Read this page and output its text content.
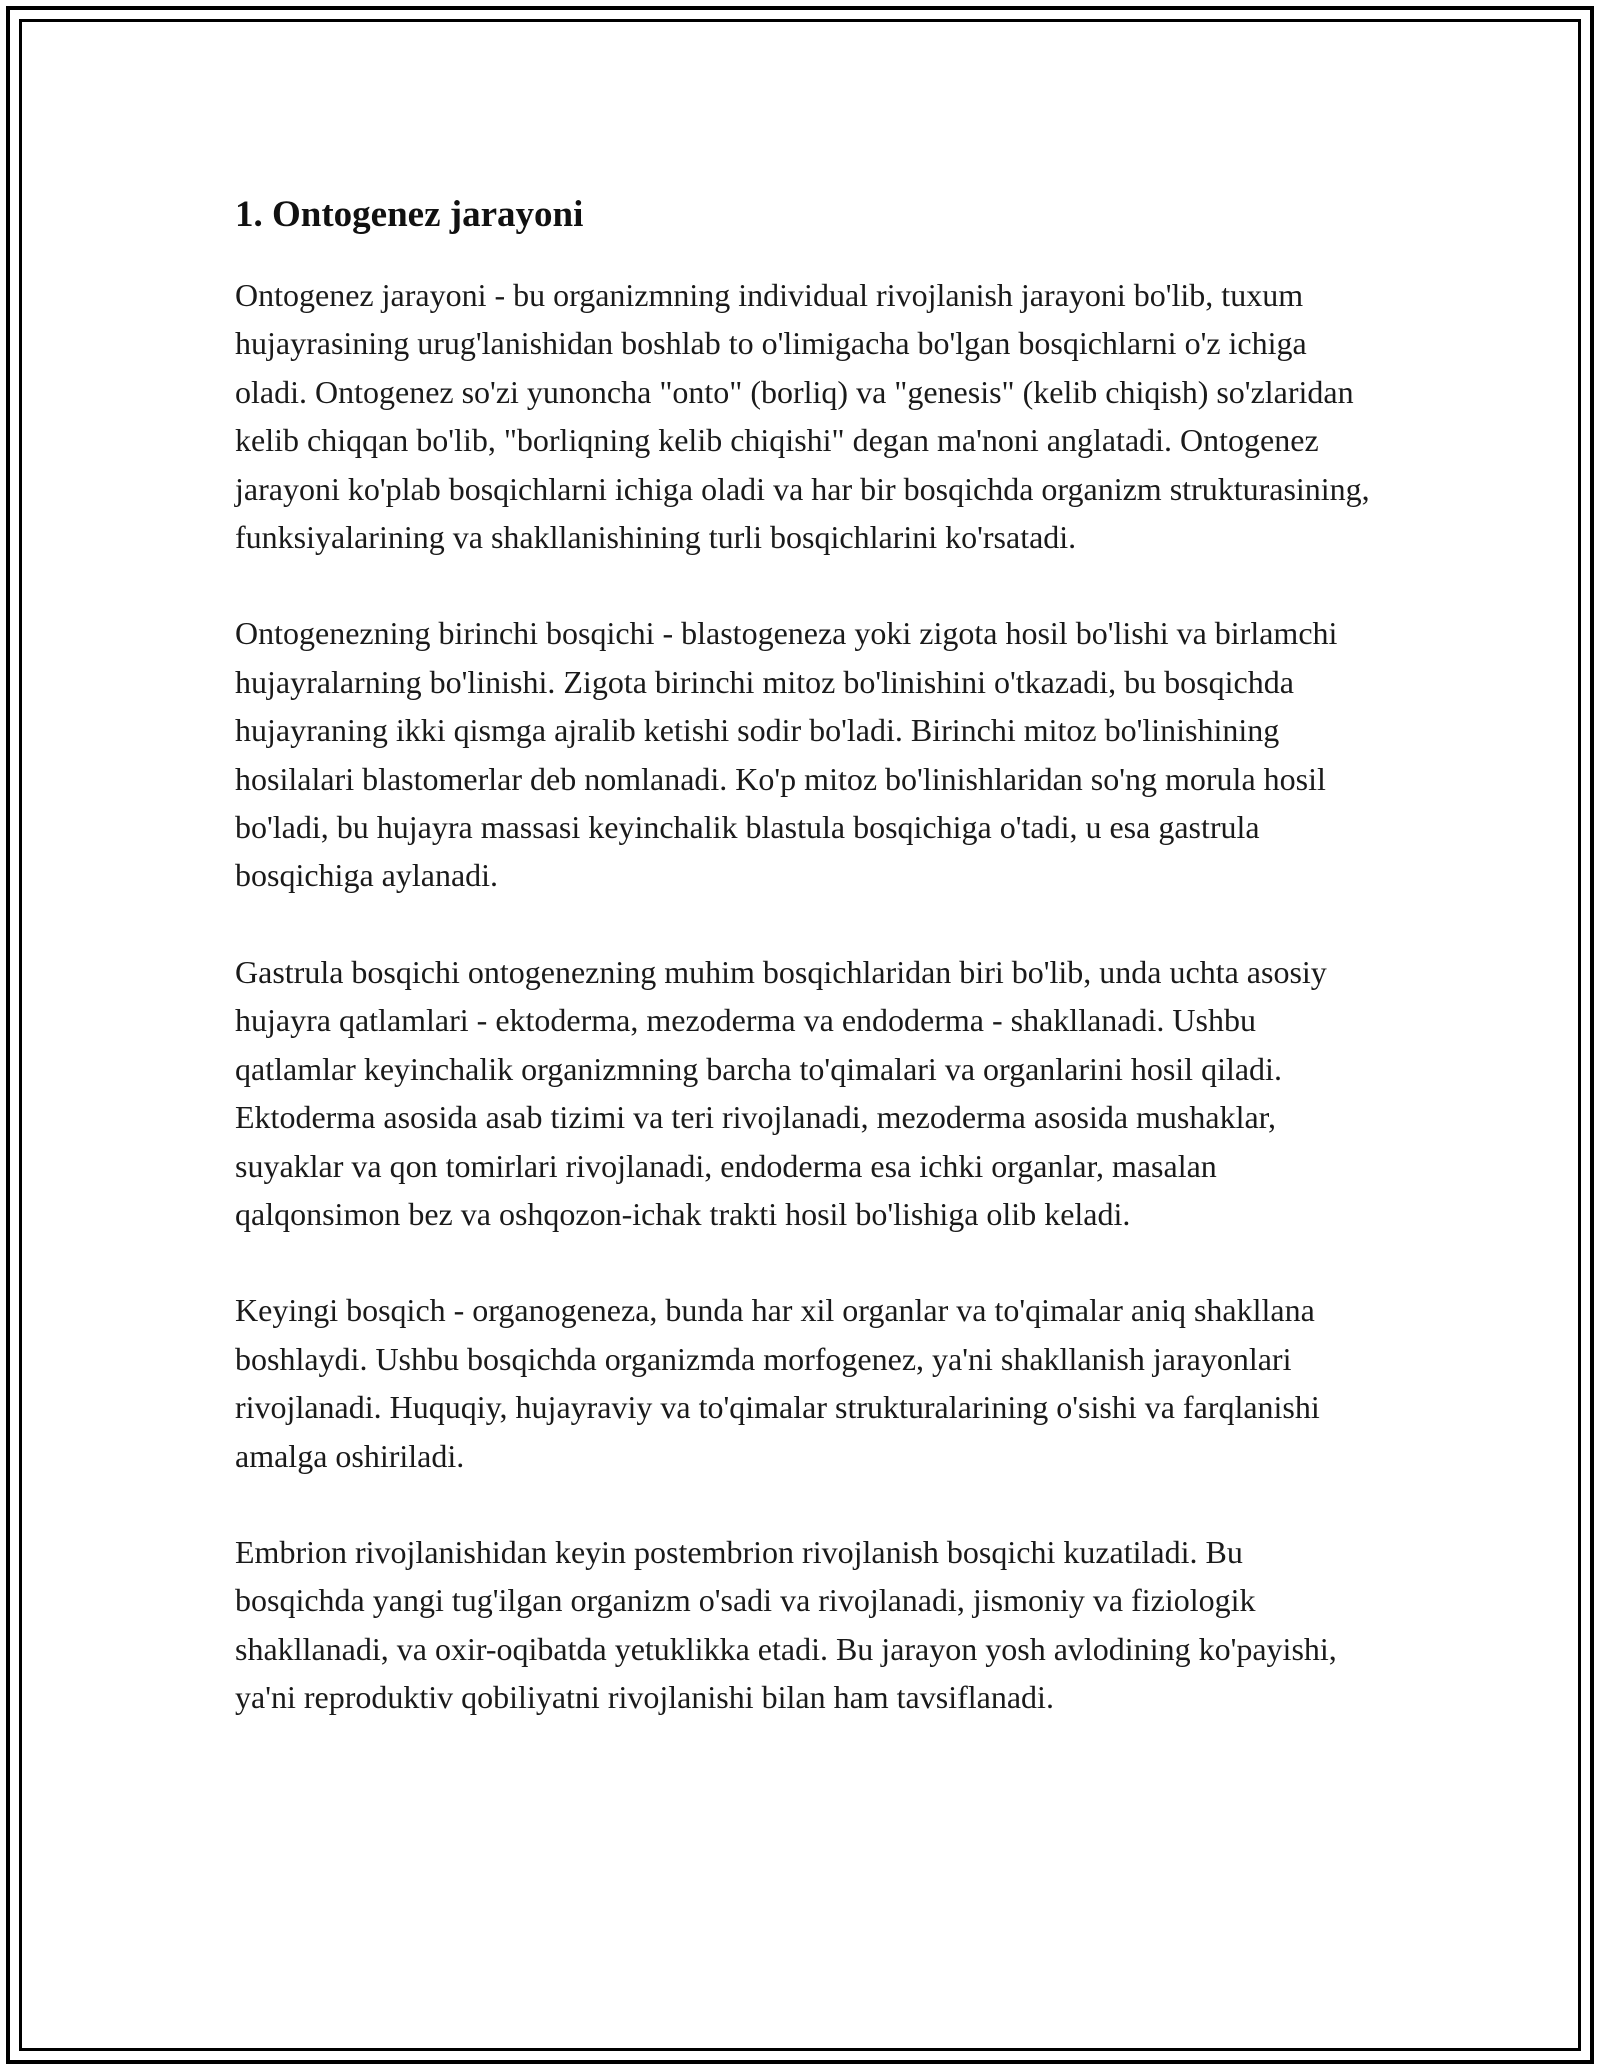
1. Ontogenez jarayoni

Ontogenez jarayoni - bu organizmning individual rivojlanish jarayoni bo'lib, tuxum hujayrasining urug'lanishidan boshlab to o'limigacha bo'lgan bosqichlarni o'z ichiga oladi. Ontogenez so'zi yunoncha "onto" (borliq) va "genesis" (kelib chiqish) so'zlaridan kelib chiqqan bo'lib, "borliqning kelib chiqishi" degan ma'noni anglatadi. Ontogenez jarayoni ko'plab bosqichlarni ichiga oladi va har bir bosqichda organizm strukturasining, funksiyalarining va shakllanishining turli bosqichlarini ko'rsatadi.

Ontogenezning birinchi bosqichi - blastogeneza yoki zigota hosil bo'lishi va birlamchi hujayralarning bo'linishi. Zigota birinchi mitoz bo'linishini o'tkazadi, bu bosqichda hujayraning ikki qismga ajralib ketishi sodir bo'ladi. Birinchi mitoz bo'linishining hosilalari blastomerlar deb nomlanadi. Ko'p mitoz bo'linishlaridan so'ng morula hosil bo'ladi, bu hujayra massasi keyinchalik blastula bosqichiga o'tadi, u esa gastrula bosqichiga aylanadi.

Gastrula bosqichi ontogenezning muhim bosqichlaridan biri bo'lib, unda uchta asosiy hujayra qatlamlari - ektoderma, mezoderma va endoderma - shakllanadi. Ushbu qatlamlar keyinchalik organizmning barcha to'qimalari va organlarini hosil qiladi. Ektoderma asosida asab tizimi va teri rivojlanadi, mezoderma asosida mushaklar, suyaklar va qon tomirlari rivojlanadi, endoderma esa ichki organlar, masalan qalqonsimon bez va oshqozon-ichak trakti hosil bo'lishiga olib keladi.

Keyingi bosqich - organogeneza, bunda har xil organlar va to'qimalar aniq shakllana boshlaydi. Ushbu bosqichda organizmda morfogenez, ya'ni shakllanish jarayonlari rivojlanadi. Huquqiy, hujayraviy va to'qimalar strukturalarining o'sishi va farqlanishi amalga oshiriladi.

Embrion rivojlanishidan keyin postembrion rivojlanish bosqichi kuzatiladi. Bu bosqichda yangi tug'ilgan organizm o'sadi va rivojlanadi, jismoniy va fiziologik shakllanadi, va oxir-oqibatda yetuklikka etadi. Bu jarayon yosh avlodining ko'payishi, ya'ni reproduktiv qobiliyatni rivojlanishi bilan ham tavsiflanadi.
